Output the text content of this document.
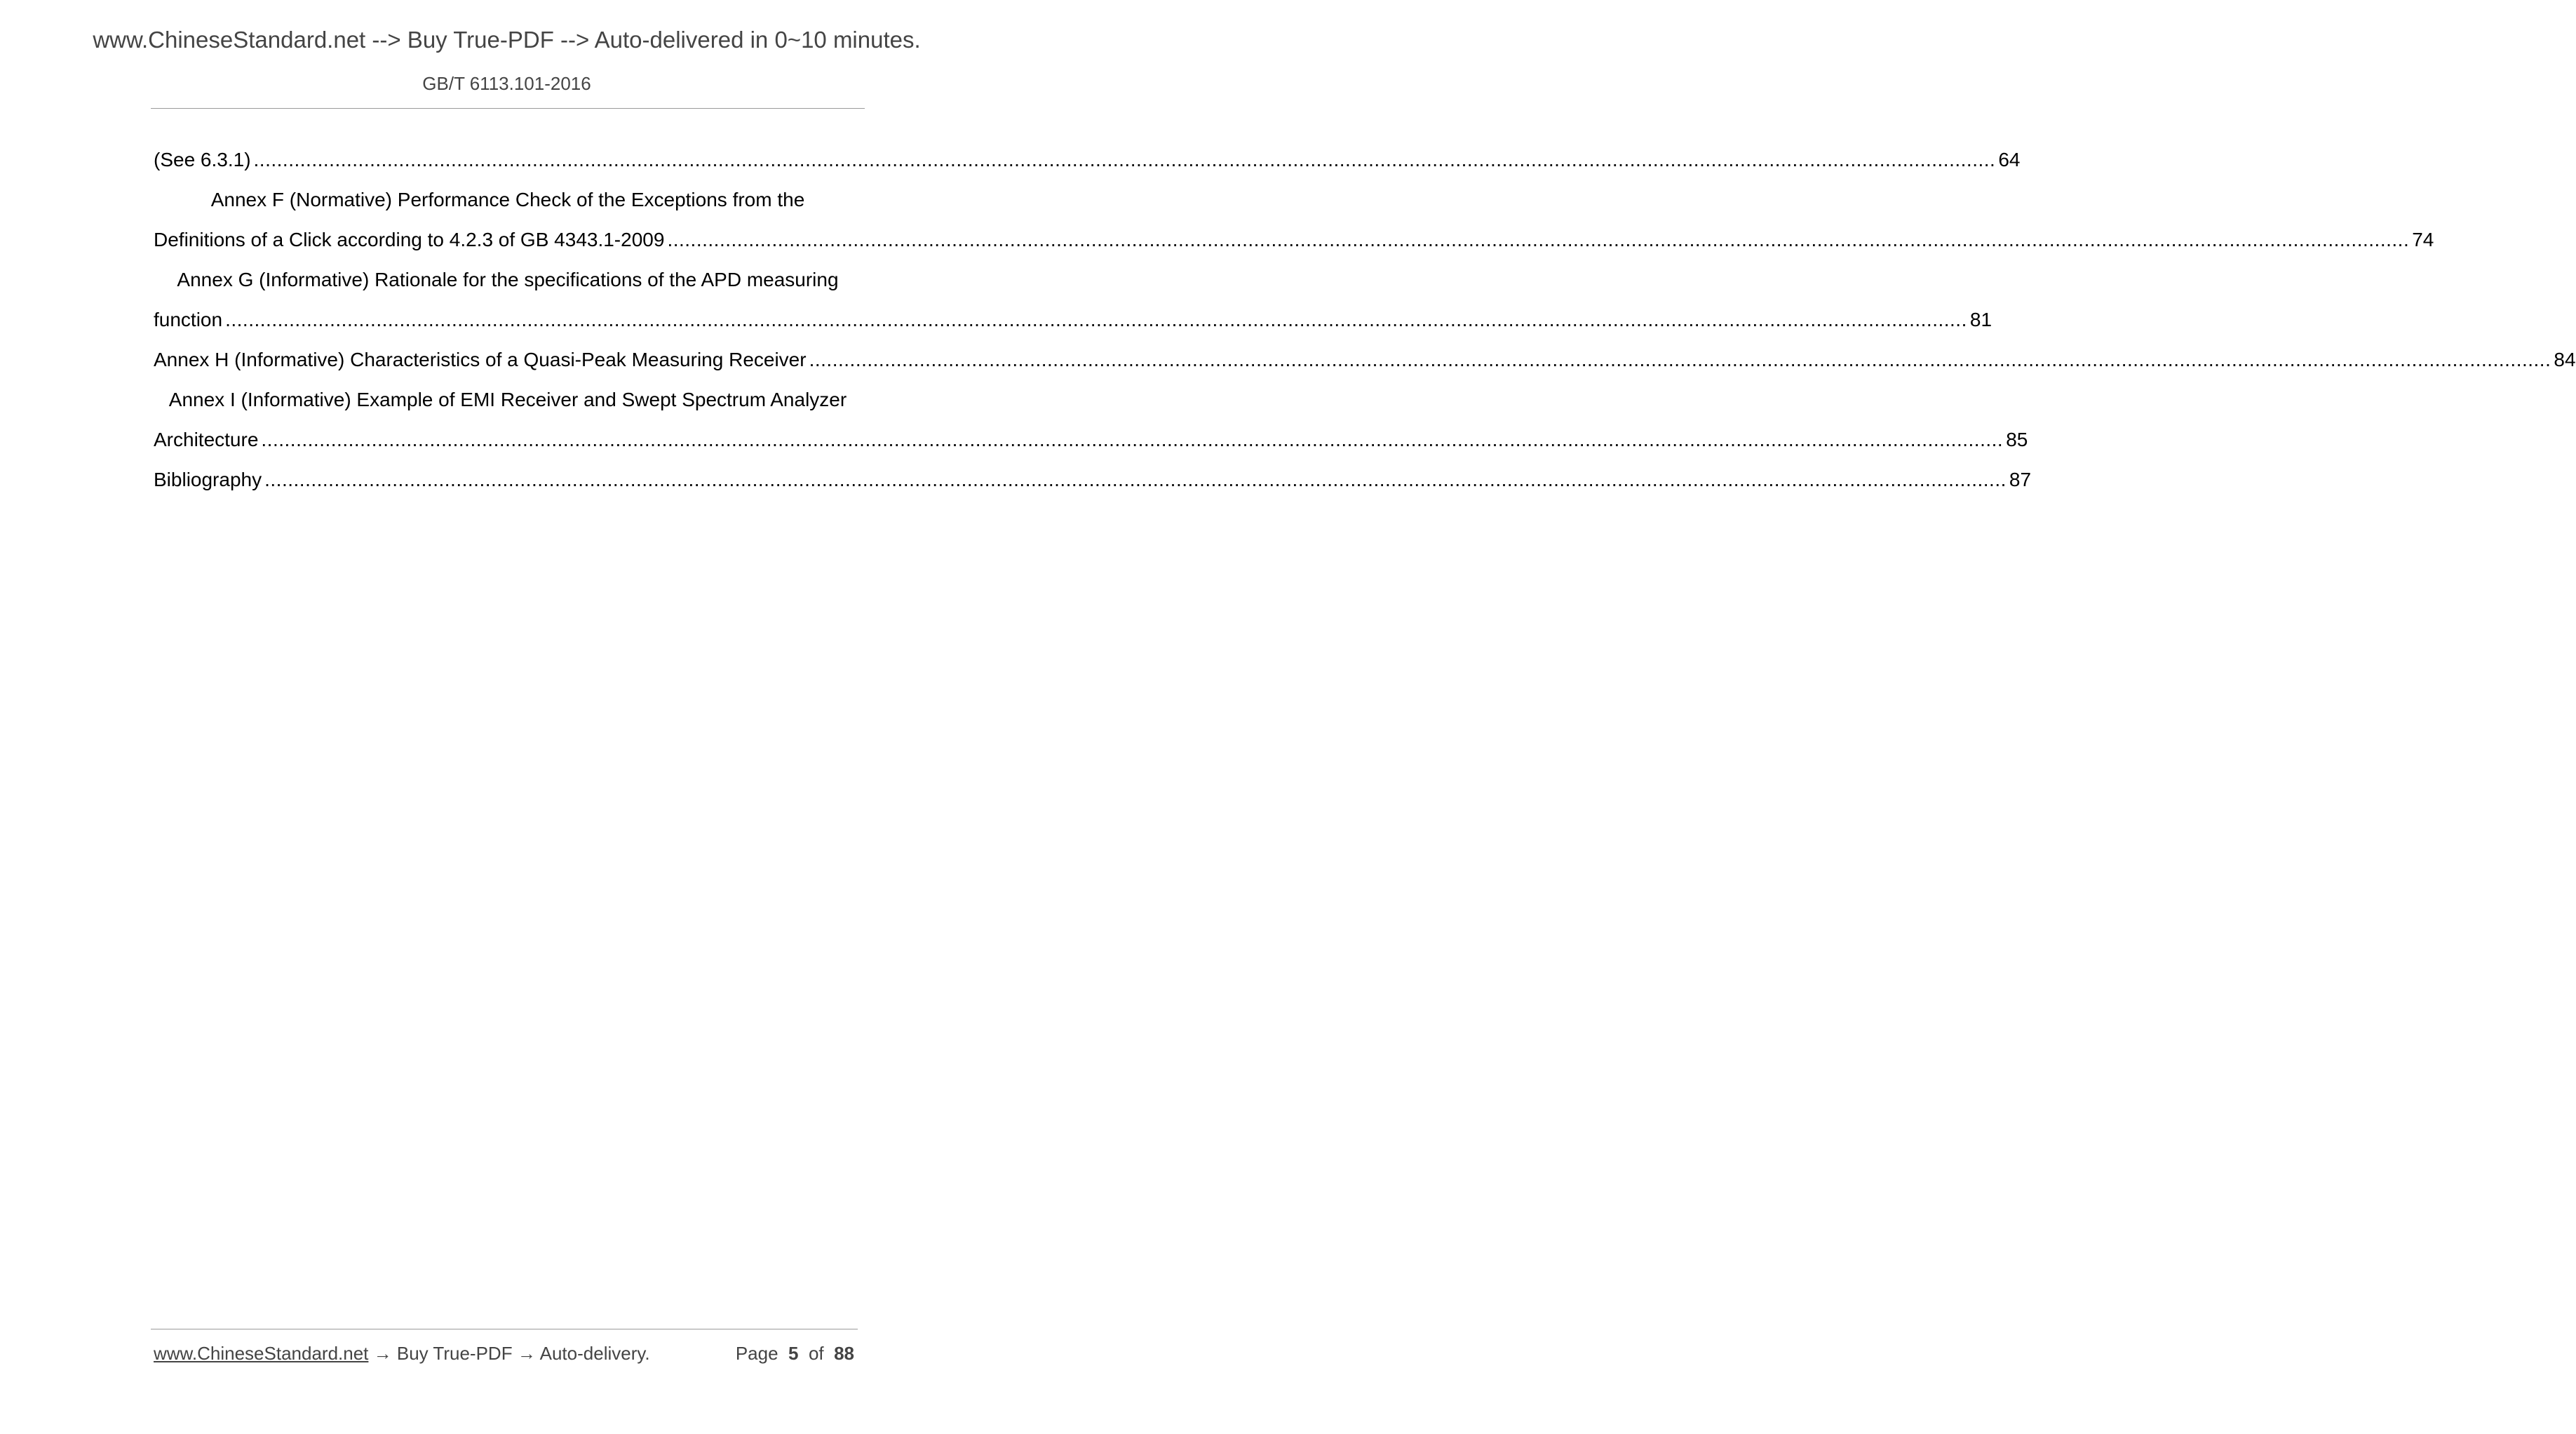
www.ChineseStandard.net --> Buy True-PDF --> Auto-delivered in 0~10 minutes.
GB/T 6113.101-2016
(See 6.3.1) ............................................................................................................................................................................................................................................................................................................ 64
Annex F (Normative) Performance Check of the Exceptions from the
Definitions of a Click according to 4.2.3 of GB 4343.1-2009 ............................................................................................................................................................................................................................................................................................................ 74
Annex G (Informative) Rationale for the specifications of the APD measuring
function ............................................................................................................................................................................................................................................................................................................ 81
Annex H (Informative) Characteristics of a Quasi-Peak Measuring Receiver ............................................................................................................................................................................................................................................................................................................ 84
Annex I (Informative) Example of EMI Receiver and Swept Spectrum Analyzer
Architecture ............................................................................................................................................................................................................................................................................................................ 85
Bibliography ............................................................................................................................................................................................................................................................................................................ 87
www.ChineseStandard.net → Buy True-PDF → Auto-delivery.	Page 5 of 88
